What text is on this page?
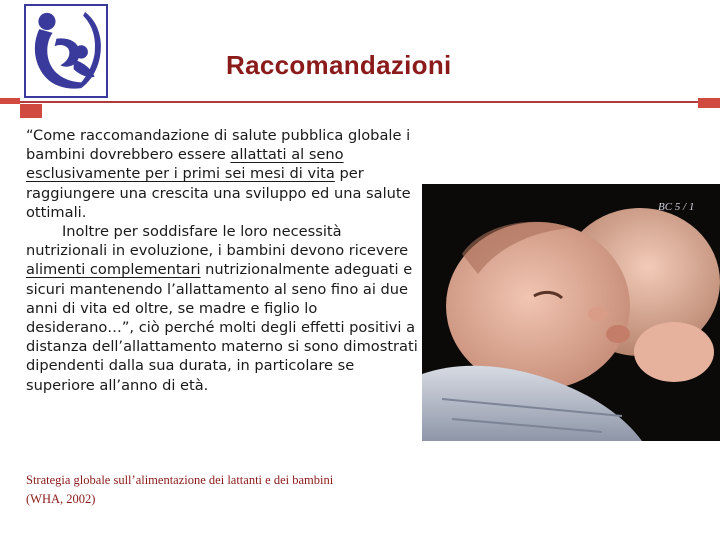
Raccomandazioni
“Come raccomandazione di salute pubblica globale i bambini dovrebbero essere allattati al seno esclusivamente per i primi sei mesi di vita per raggiungere una crescita una sviluppo ed una salute ottimali.
Inoltre per soddisfare le loro necessità nutrizionali in evoluzione, i bambini devono ricevere alimenti complementari nutrizionalmente adeguati e sicuri mantenendo l’allattamento al seno fino ai due anni di vita ed oltre, se madre e figlio lo desiderano…”, ciò perché molti degli effetti positivi a distanza dell’allattamento materno si sono dimostrati dipendenti dalla sua durata, in particolare se superiore all’anno di età.
Strategia globale sull’alimentazione dei lattanti e dei bambini
(WHA, 2002)
BC 5 / 1
